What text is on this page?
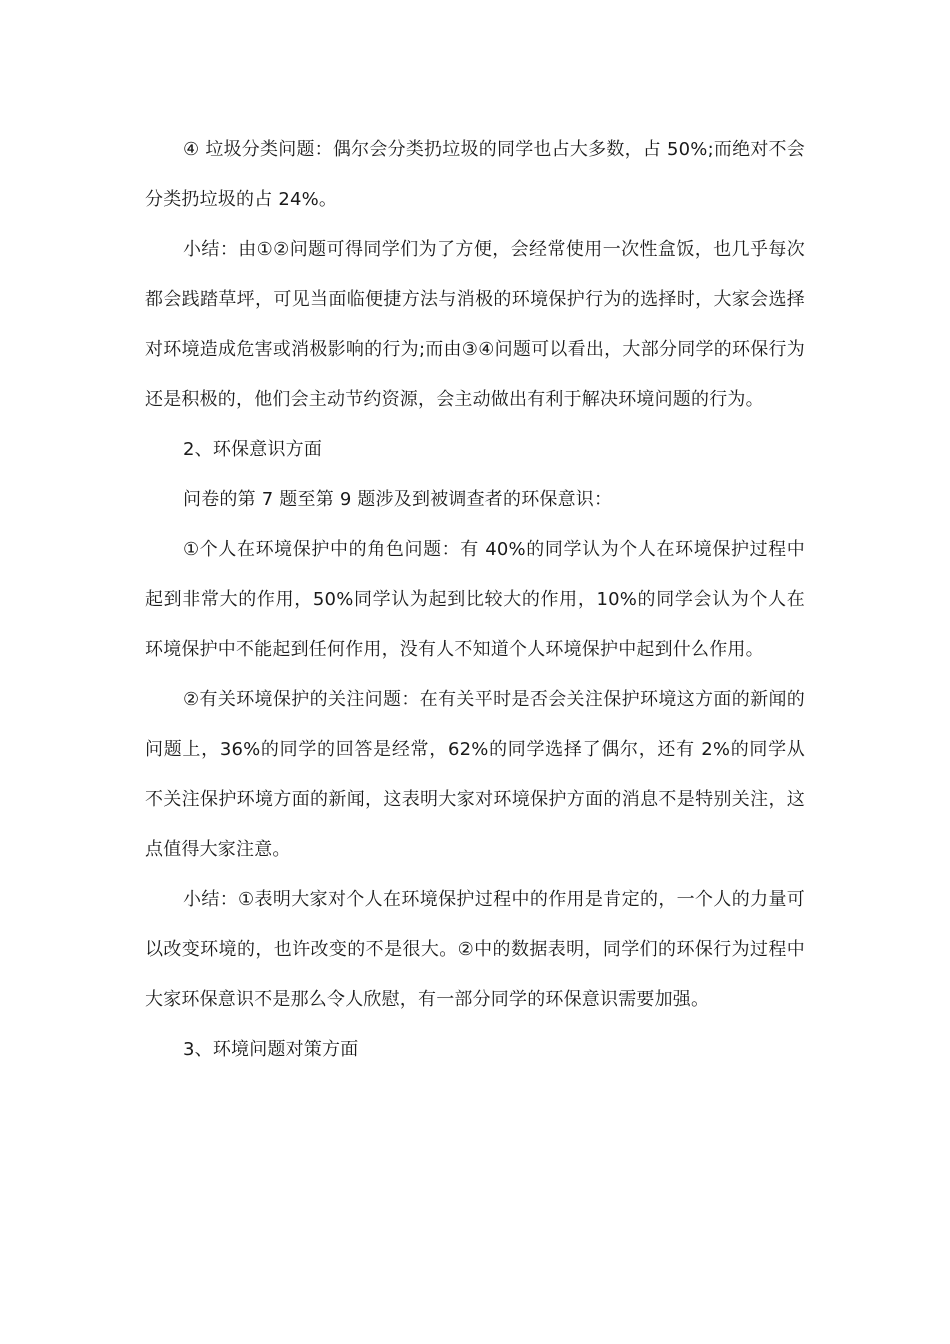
④ 垃圾分类问题：偶尔会分类扔垃圾的同学也占大多数，占 50%;而绝对不会分类扔垃圾的占 24%。

小结：由①②问题可得同学们为了方便，会经常使用一次性盒饭，也几乎每次都会践踏草坪，可见当面临便捷方法与消极的环境保护行为的选择时，大家会选择对环境造成危害或消极影响的行为;而由③④问题可以看出，大部分同学的环保行为还是积极的，他们会主动节约资源，会主动做出有利于解决环境问题的行为。

2、环保意识方面

问卷的第 7 题至第 9 题涉及到被调查者的环保意识：

①个人在环境保护中的角色问题：有 40%的同学认为个人在环境保护过程中起到非常大的作用，50%同学认为起到比较大的作用，10%的同学会认为个人在环境保护中不能起到任何作用，没有人不知道个人环境保护中起到什么作用。

②有关环境保护的关注问题：在有关平时是否会关注保护环境这方面的新闻的问题上，36%的同学的回答是经常，62%的同学选择了偶尔，还有 2%的同学从不关注保护环境方面的新闻，这表明大家对环境保护方面的消息不是特别关注，这点值得大家注意。

小结：①表明大家对个人在环境保护过程中的作用是肯定的，一个人的力量可以改变环境的，也许改变的不是很大。②中的数据表明，同学们的环保行为过程中大家环保意识不是那么令人欣慰，有一部分同学的环保意识需要加强。

3、环境问题对策方面
